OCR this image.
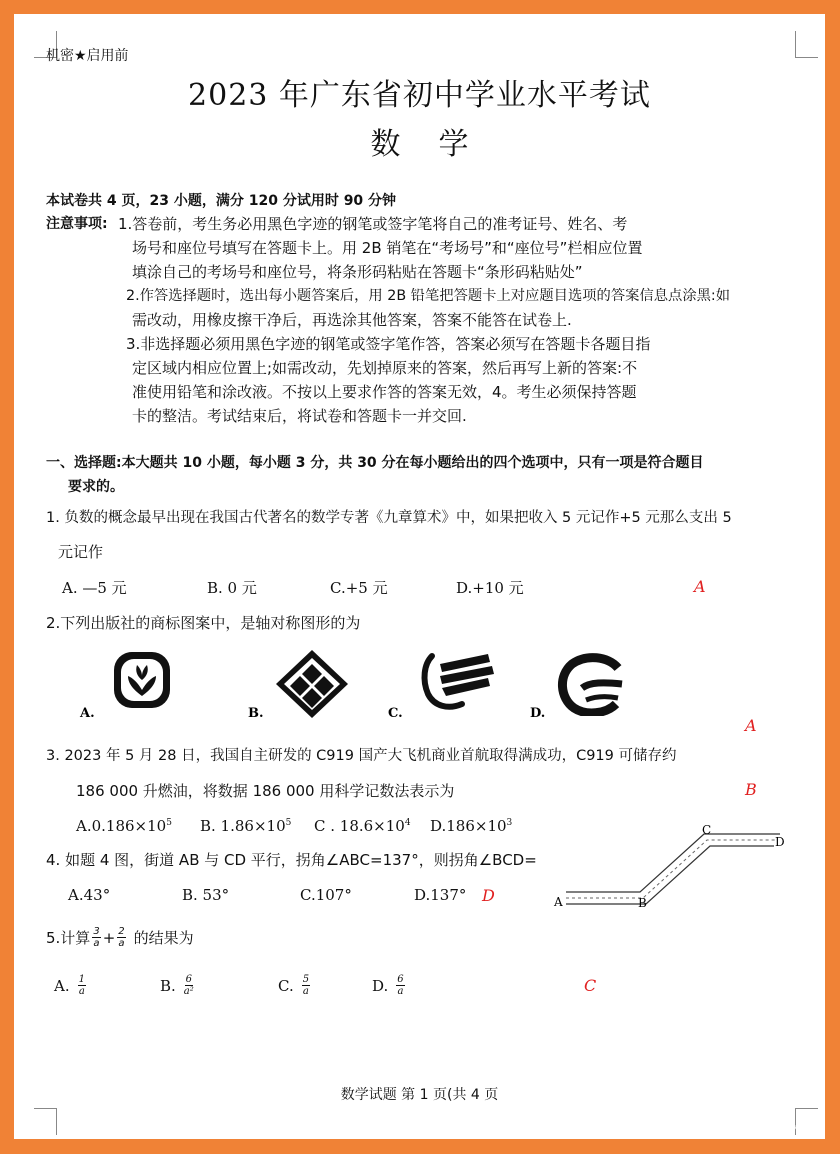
机密★启用前
2023 年广东省初中学业水平考试
数学
本试卷共 4 页，23 小题，满分 120 分试用时 90 分钟
注意事项: 1.答卷前，考生务必用黑色字迹的钢笔或签字笔将自己的准考证号、姓名、考
场号和座位号填写在答题卡上。用 2B 销笔在“考场号”和“座位号”栏相应位置
填涂自己的考场号和座位号，将条形码粘贴在答题卡“条形码粘贴处”
2.作答选择题时，选出每小题答案后，用 2B 铅笔把答题卡上对应题目选项的答案信息点涂黑:如
需改动，用橡皮擦干净后，再选涂其他答案，答案不能答在试卷上.
3.非选择题必须用黑色字迹的钢笔或签字笔作答，答案必须写在答题卡各题目指
定区域内相应位置上;如需改动，先划掉原来的答案，然后再写上新的答案:不
准使用铅笔和涂改液。不按以上要求作答的答案无效，4。考生必须保持答题
卡的整洁。考试结束后，将试卷和答题卡一并交回.
一、选择题:本大题共 10 小题，每小题 3 分，共 30 分在每小题给出的四个选项中，只有一项是符合题目
要求的。
1. 负数的概念最早出现在我国古代著名的数学专著《九章算术》中，如果把收入 5 元记作+5 元那么支出 5
元记作
A. —5 元	B. 0 元	C.+5 元	D.+10 元	A
2.下列出版社的商标图案中，是轴对称图形的为
A.	B.	C.	D.
A
3. 2023 年 5 月 28 日，我国自主研发的 C919 国产大飞机商业首航取得满成功，C919 可储存约
186 000 升燃油，将数据 186 000 用科学记数法表示为	B
$A.0.186\times 10^5$ B. $1.86\times 10^5$ C . $18.6\times 10^4$ $D.186\times 10^3$
4. 如题 4 图，街道 AB 与 CD 平行，拐角∠ABC=137°，则拐角∠BCD=
A.43°	B. 53°	C.107°	D.137° D	A	B
C
D
5.计算 $\frac{3}{a} + \frac{2}{a}$ 的结果为
A. $\frac{1}{a}$	B. $\frac{6}{\text{a²}}$	C. $\frac{5}{a}$	D. $\frac{6}{a}$	C
数学试题 第 1 页(共 4 页
头条 @图解初中数学
